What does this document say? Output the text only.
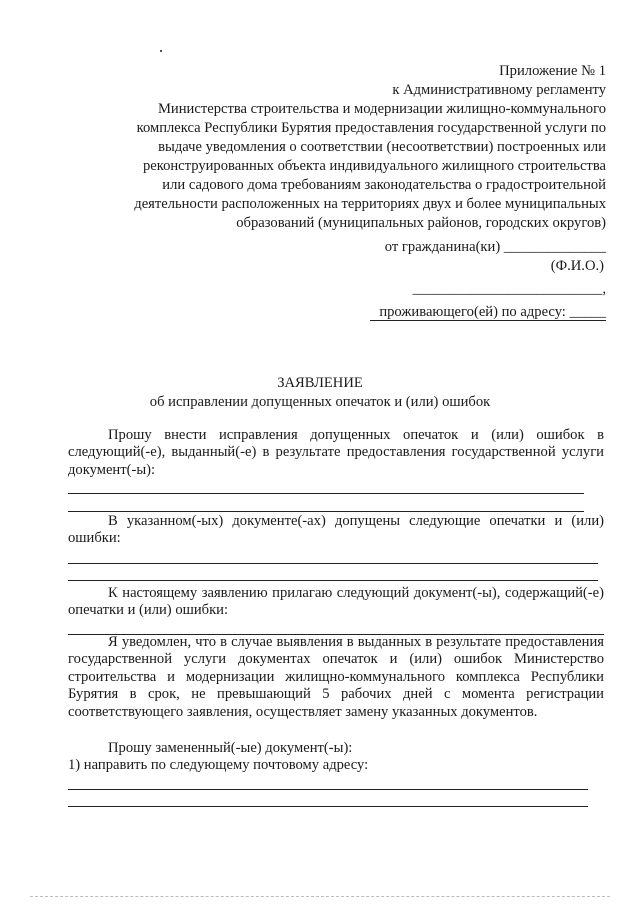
Приложение № 1
к Административному регламенту
Министерства строительства и модернизации жилищно-коммунального
комплекса Республики Бурятия предоставления государственной услуги по
выдаче уведомления о соответствии (несоответствии) построенных или
реконструированных объекта индивидуального жилищного строительства
или садового дома требованиям законодательства о градостроительной
деятельности расположенных на территориях двух и более муниципальных
образований (муниципальных районов, городских округов)
от гражданина(ки) ______________
(Ф.И.О.)
__________________________,
проживающего(ей) по адресу: _____
ЗАЯВЛЕНИЕ
об исправлении допущенных опечаток и (или) ошибок
Прошу внести исправления допущенных опечаток и (или) ошибок в следующий(-е), выданный(-е) в результате предоставления государственной услуги документ(-ы):
В указанном(-ых) документе(-ах) допущены следующие опечатки и (или) ошибки:
К настоящему заявлению прилагаю следующий документ(-ы), содержащий(-е) опечатки и (или) ошибки:
Я уведомлен, что в случае выявления в выданных в результате предоставления государственной услуги документах опечаток и (или) ошибок Министерство строительства и модернизации жилищно-коммунального комплекса Республики Бурятия в срок, не превышающий 5 рабочих дней с момента регистрации соответствующего заявления, осуществляет замену указанных документов.
Прошу замененный(-ые) документ(-ы):
1) направить по следующему почтовому адресу:
